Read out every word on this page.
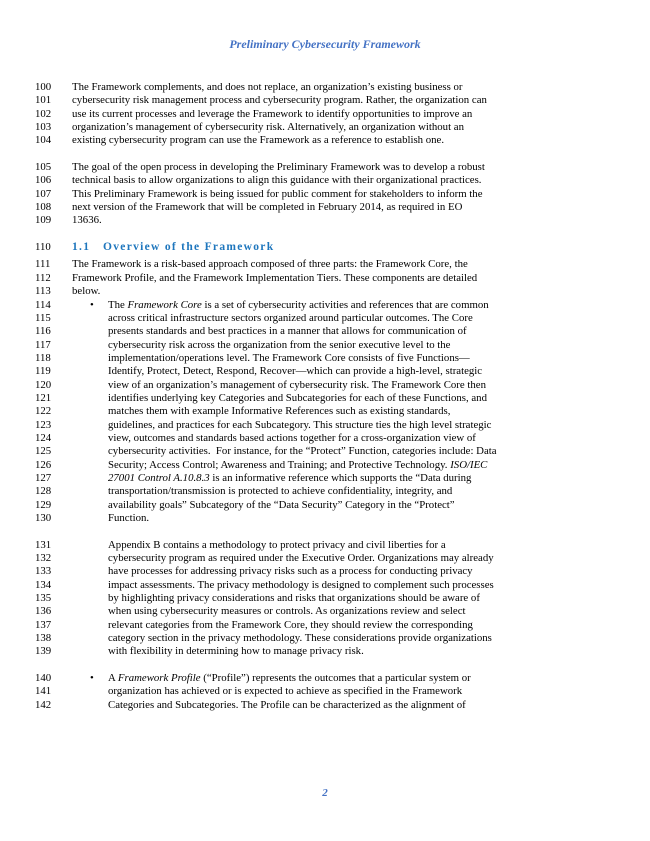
Preliminary Cybersecurity Framework
100	The Framework complements, and does not replace, an organization’s existing business or
101	cybersecurity risk management process and cybersecurity program. Rather, the organization can
102	use its current processes and leverage the Framework to identify opportunities to improve an
103	organization’s management of cybersecurity risk. Alternatively, an organization without an
104	existing cybersecurity program can use the Framework as a reference to establish one.
105	The goal of the open process in developing the Preliminary Framework was to develop a robust
106	technical basis to allow organizations to align this guidance with their organizational practices.
107	This Preliminary Framework is being issued for public comment for stakeholders to inform the
108	next version of the Framework that will be completed in February 2014, as required in EO
109	13636.
110	1.1	Overview of the Framework
111	The Framework is a risk-based approach composed of three parts: the Framework Core, the
112	Framework Profile, and the Framework Implementation Tiers. These components are detailed
113	below.
114	• The Framework Core is a set of cybersecurity activities and references that are common
115	across critical infrastructure sectors organized around particular outcomes. The Core
116	presents standards and best practices in a manner that allows for communication of
117	cybersecurity risk across the organization from the senior executive level to the
118	implementation/operations level. The Framework Core consists of five Functions—
119	Identify, Protect, Detect, Respond, Recover—which can provide a high-level, strategic
120	view of an organization’s management of cybersecurity risk. The Framework Core then
121	identifies underlying key Categories and Subcategories for each of these Functions, and
122	matches them with example Informative References such as existing standards,
123	guidelines, and practices for each Subcategory. This structure ties the high level strategic
124	view, outcomes and standards based actions together for a cross-organization view of
125	cybersecurity activities.  For instance, for the “Protect” Function, categories include: Data
126	Security; Access Control; Awareness and Training; and Protective Technology. ISO/IEC
127	27001 Control A.10.8.3 is an informative reference which supports the “Data during
128	transportation/transmission is protected to achieve confidentiality, integrity, and
129	availability goals” Subcategory of the “Data Security” Category in the “Protect”
130	Function.
131	Appendix B contains a methodology to protect privacy and civil liberties for a
132	cybersecurity program as required under the Executive Order. Organizations may already
133	have processes for addressing privacy risks such as a process for conducting privacy
134	impact assessments. The privacy methodology is designed to complement such processes
135	by highlighting privacy considerations and risks that organizations should be aware of
136	when using cybersecurity measures or controls. As organizations review and select
137	relevant categories from the Framework Core, they should review the corresponding
138	category section in the privacy methodology. These considerations provide organizations
139	with flexibility in determining how to manage privacy risk.
140	• A Framework Profile (“Profile”) represents the outcomes that a particular system or
141	organization has achieved or is expected to achieve as specified in the Framework
142	Categories and Subcategories. The Profile can be characterized as the alignment of
2
